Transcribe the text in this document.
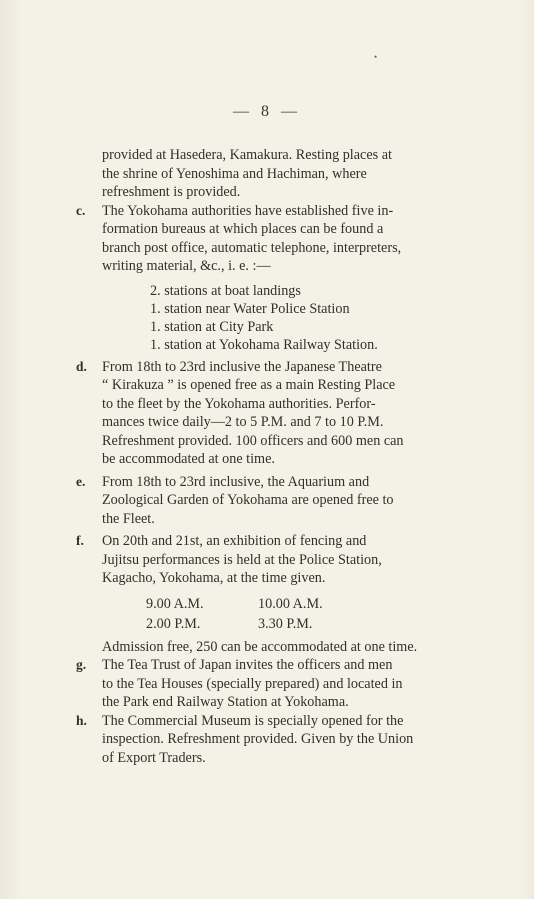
•
— 8 —
provided at Hasedera, Kamakura. Resting places at
the shrine of Yenoshima and Hachiman, where
refreshment is provided.
c.	The Yokohama authorities have established five in-
formation bureaus at which places can be found a
branch post office, automatic telephone, interpreters,
writing material, &c., i. e. :—
2. stations at boat landings
1. station near Water Police Station
1. station at City Park
1. station at Yokohama Railway Station.
d.	From 18th to 23rd inclusive the Japanese Theatre
“ Kirakuza ” is opened free as a main Resting Place
to the fleet by the Yokohama authorities. Perfor-
mances twice daily—2 to 5 P.M. and 7 to 10 P.M.
Refreshment provided. 100 officers and 600 men can
be accommodated at one time.
e.	From 18th to 23rd inclusive, the Aquarium and
Zoological Garden of Yokohama are opened free to
the Fleet.
f.	On 20th and 21st, an exhibition of fencing and
Jujitsu performances is held at the Police Station,
Kagacho, Yokohama, at the time given.
9.00 A.M.	10.00 A.M.
2.00 P.M.	3.30 P.M.
Admission free, 250 can be accommodated at one time.
g.	The Tea Trust of Japan invites the officers and men
to the Tea Houses (specially prepared) and located in
the Park end Railway Station at Yokohama.
h.	The Commercial Museum is specially opened for the
inspection. Refreshment provided. Given by the Union
of Export Traders.
